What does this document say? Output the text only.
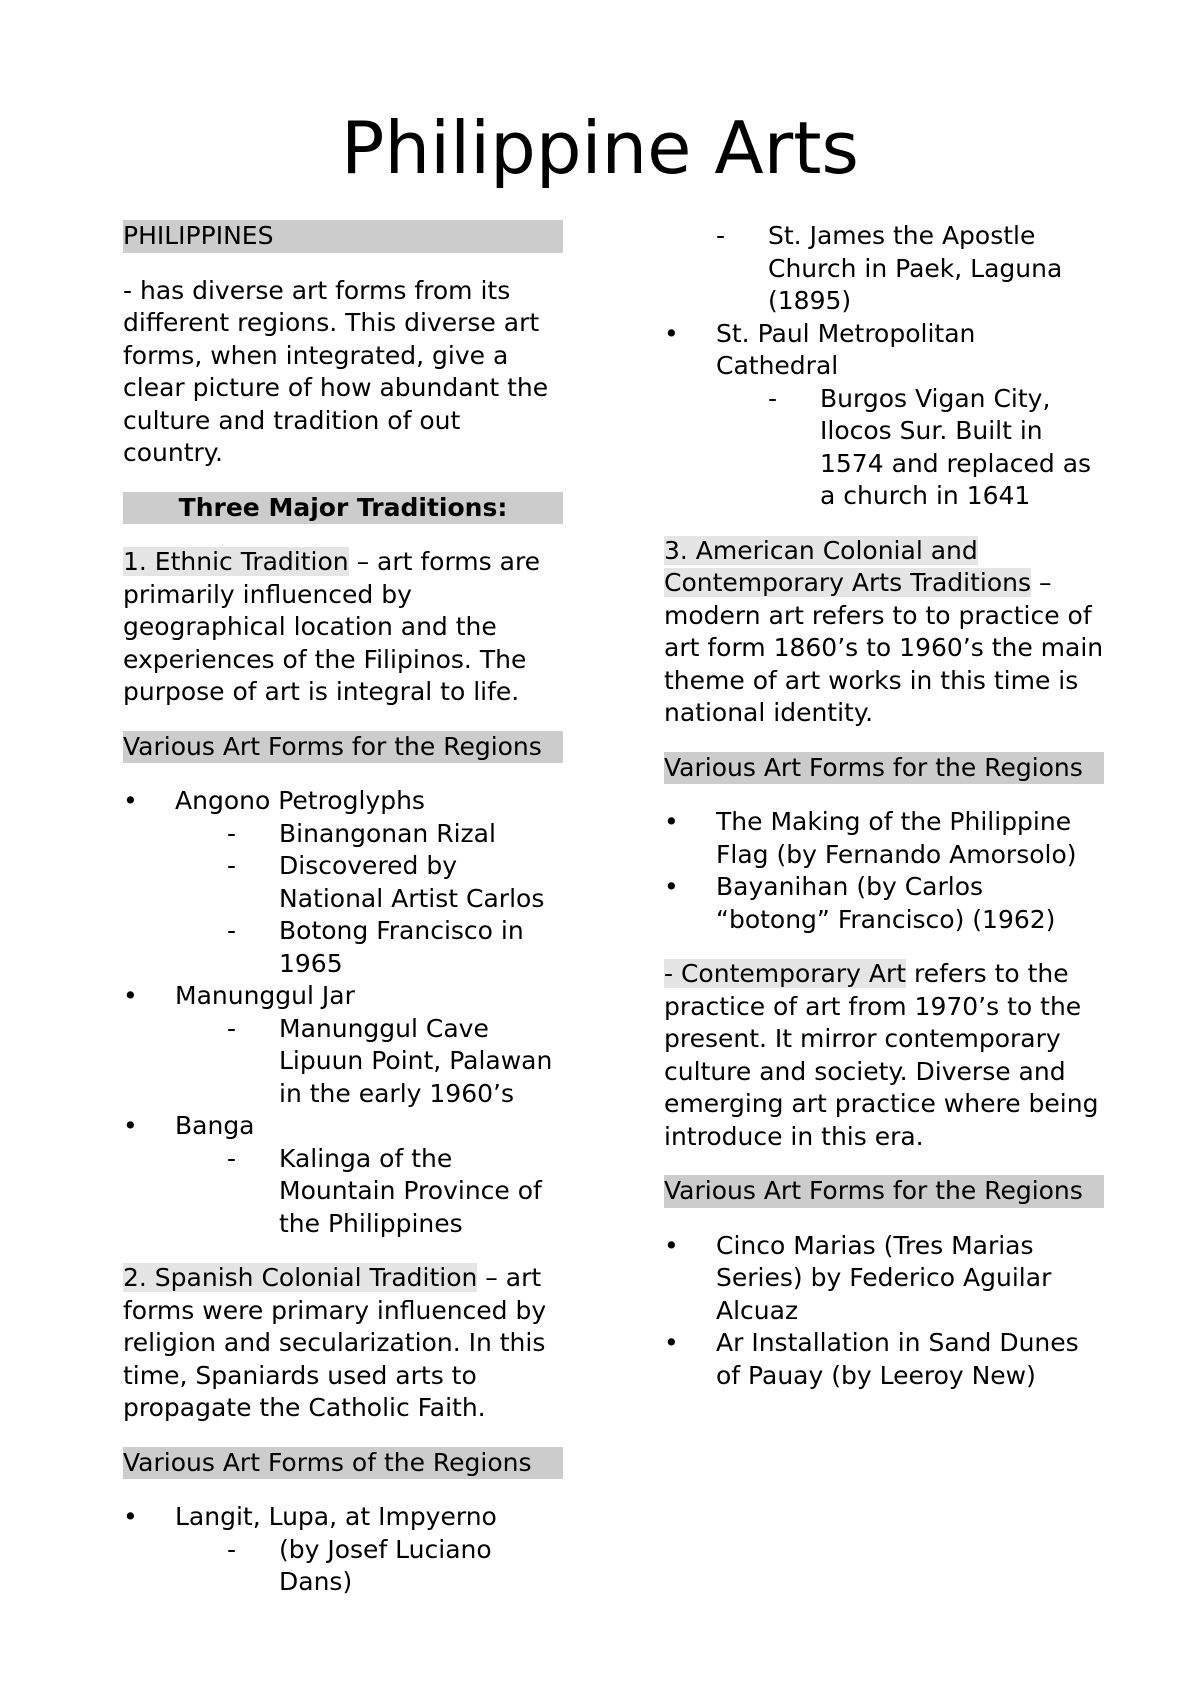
Philippine Arts

PHILIPPINES

- has diverse art forms from its different regions. This diverse art forms, when integrated, give a clear picture of how abundant the culture and tradition of out country.

Three Major Traditions:

1. Ethnic Tradition – art forms are primarily influenced by geographical location and the experiences of the Filipinos. The purpose of art is integral to life.

Various Art Forms for the Regions

• Angono Petroglyphs
- Binangonan Rizal
- Discovered by National Artist Carlos
- Botong Francisco in 1965
• Manunggul Jar
- Manunggul Cave Lipuun Point, Palawan in the early 1960’s
• Banga
- Kalinga of the Mountain Province of the Philippines

2. Spanish Colonial Tradition – art forms were primary influenced by religion and secularization. In this time, Spaniards used arts to propagate the Catholic Faith.

Various Art Forms of the Regions

• Langit, Lupa, at Impyerno
- (by Josef Luciano Dans)
- St. James the Apostle Church in Paek, Laguna (1895)
• St. Paul Metropolitan Cathedral
- Burgos Vigan City, Ilocos Sur. Built in 1574 and replaced as a church in 1641

3. American Colonial and Contemporary Arts Traditions – modern art refers to to practice of art form 1860’s to 1960’s the main theme of art works in this time is national identity.

Various Art Forms for the Regions

• The Making of the Philippine Flag (by Fernando Amorsolo)
• Bayanihan (by Carlos “botong” Francisco) (1962)

- Contemporary Art refers to the practice of art from 1970’s to the present. It mirror contemporary culture and society. Diverse and emerging art practice where being introduce in this era.

Various Art Forms for the Regions

• Cinco Marias (Tres Marias Series) by Federico Aguilar Alcuaz
• Ar Installation in Sand Dunes of Pauay (by Leeroy New)
